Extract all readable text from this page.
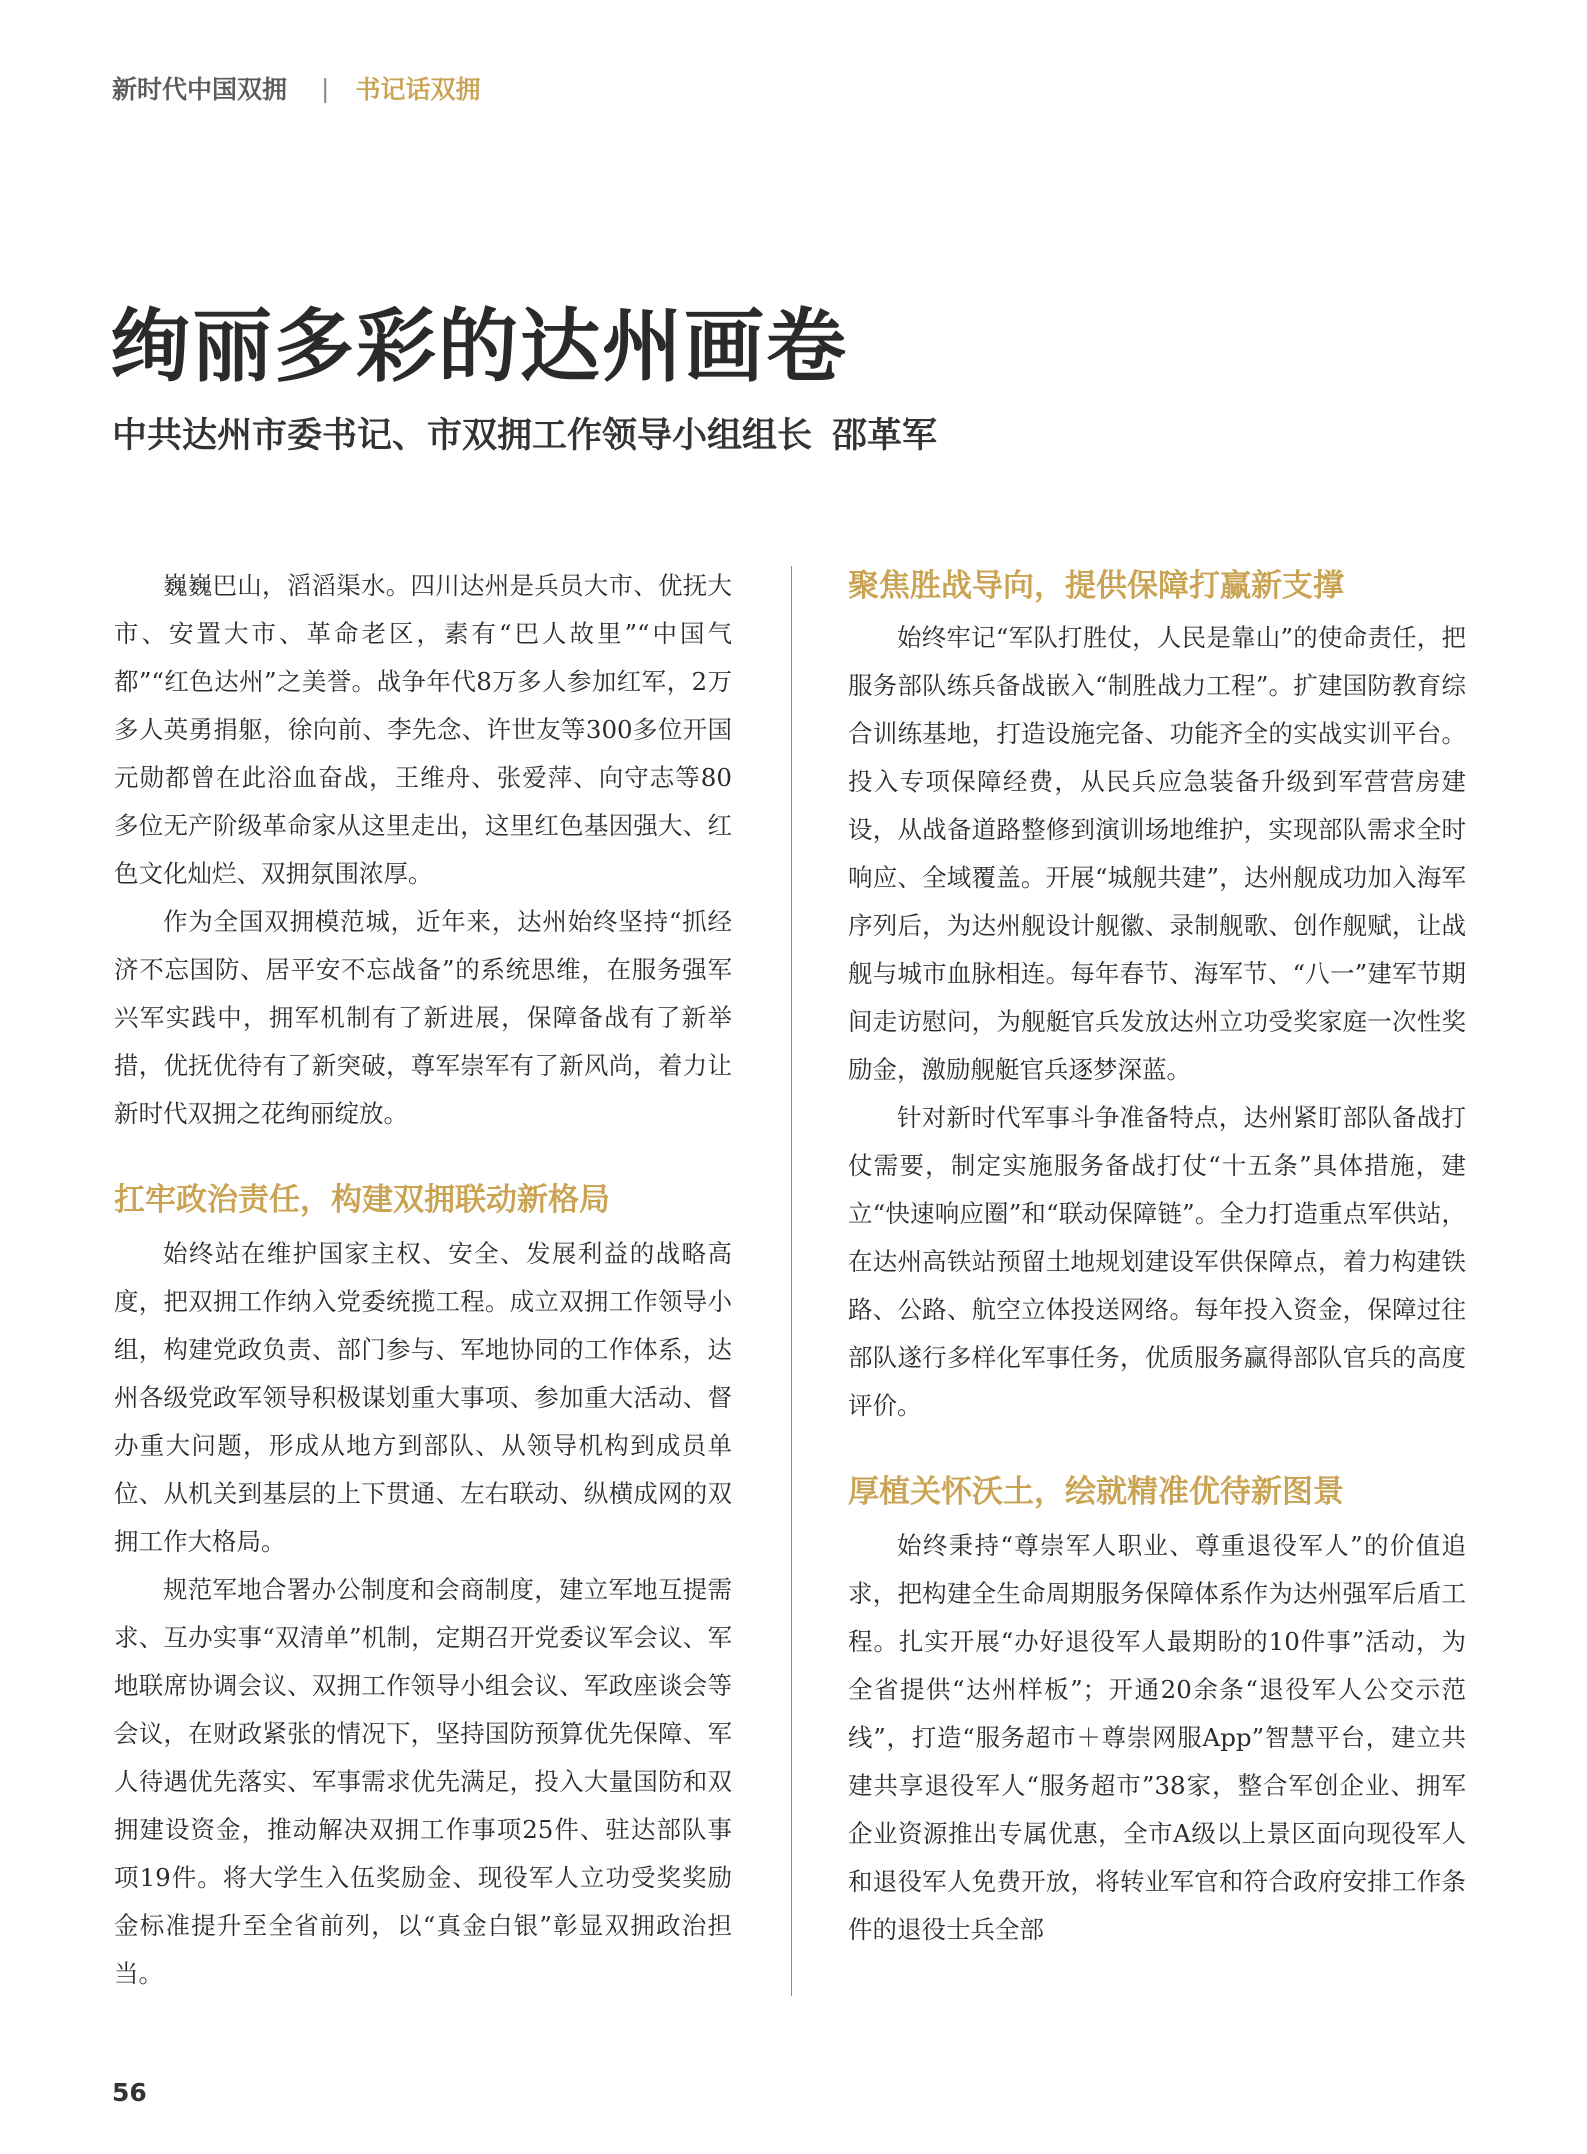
新时代中国双拥 | 书记话双拥
绚丽多彩的达州画卷
中共达州市委书记、市双拥工作领导小组组长 邵革军

巍巍巴山，滔滔渠水。四川达州是兵员大市、优抚大市、安置大市、革命老区，素有“巴人故里”“中国气都”“红色达州”之美誉。战争年代8万多人参加红军，2万多人英勇捐躯，徐向前、李先念、许世友等300多位开国元勋都曾在此浴血奋战，王维舟、张爱萍、向守志等80多位无产阶级革命家从这里走出，这里红色基因强大、红色文化灿烂、双拥氛围浓厚。

作为全国双拥模范城，近年来，达州始终坚持“抓经济不忘国防、居平安不忘战备”的系统思维，在服务强军兴军实践中，拥军机制有了新进展，保障备战有了新举措，优抚优待有了新突破，尊军崇军有了新风尚，着力让新时代双拥之花绚丽绽放。

扛牢政治责任，构建双拥联动新格局

始终站在维护国家主权、安全、发展利益的战略高度，把双拥工作纳入党委统揽工程。成立双拥工作领导小组，构建党政负责、部门参与、军地协同的工作体系，达州各级党政军领导积极谋划重大事项、参加重大活动、督办重大问题，形成从地方到部队、从领导机构到成员单位、从机关到基层的上下贯通、左右联动、纵横成网的双拥工作大格局。

规范军地合署办公制度和会商制度，建立军地互提需求、互办实事“双清单”机制，定期召开党委议军会议、军地联席协调会议、双拥工作领导小组会议、军政座谈会等会议，在财政紧张的情况下，坚持国防预算优先保障、军人待遇优先落实、军事需求优先满足，投入大量国防和双拥建设资金，推动解决双拥工作事项25件、驻达部队事项19件。将大学生入伍奖励金、现役军人立功受奖奖励金标准提升至全省前列，以“真金白银”彰显双拥政治担当。

聚焦胜战导向，提供保障打赢新支撑

始终牢记“军队打胜仗，人民是靠山”的使命责任，把服务部队练兵备战嵌入“制胜战力工程”。扩建国防教育综合训练基地，打造设施完备、功能齐全的实战实训平台。投入专项保障经费，从民兵应急装备升级到军营营房建设，从战备道路整修到演训场地维护，实现部队需求全时响应、全域覆盖。开展“城舰共建”，达州舰成功加入海军序列后，为达州舰设计舰徽、录制舰歌、创作舰赋，让战舰与城市血脉相连。每年春节、海军节、“八一”建军节期间走访慰问，为舰艇官兵发放达州立功受奖家庭一次性奖励金，激励舰艇官兵逐梦深蓝。

针对新时代军事斗争准备特点，达州紧盯部队备战打仗需要，制定实施服务备战打仗“十五条”具体措施，建立“快速响应圈”和“联动保障链”。全力打造重点军供站，在达州高铁站预留土地规划建设军供保障点，着力构建铁路、公路、航空立体投送网络。每年投入资金，保障过往部队遂行多样化军事任务，优质服务赢得部队官兵的高度评价。

厚植关怀沃土，绘就精准优待新图景

始终秉持“尊崇军人职业、尊重退役军人”的价值追求，把构建全生命周期服务保障体系作为达州强军后盾工程。扎实开展“办好退役军人最期盼的10件事”活动，为全省提供“达州样板”；开通20余条“退役军人公交示范线”，打造“服务超市＋尊崇网服App”智慧平台，建立共建共享退役军人“服务超市”38家，整合军创企业、拥军企业资源推出专属优惠，全市A级以上景区面向现役军人和退役军人免费开放，将转业军官和符合政府安排工作条件的退役士兵全部

56
